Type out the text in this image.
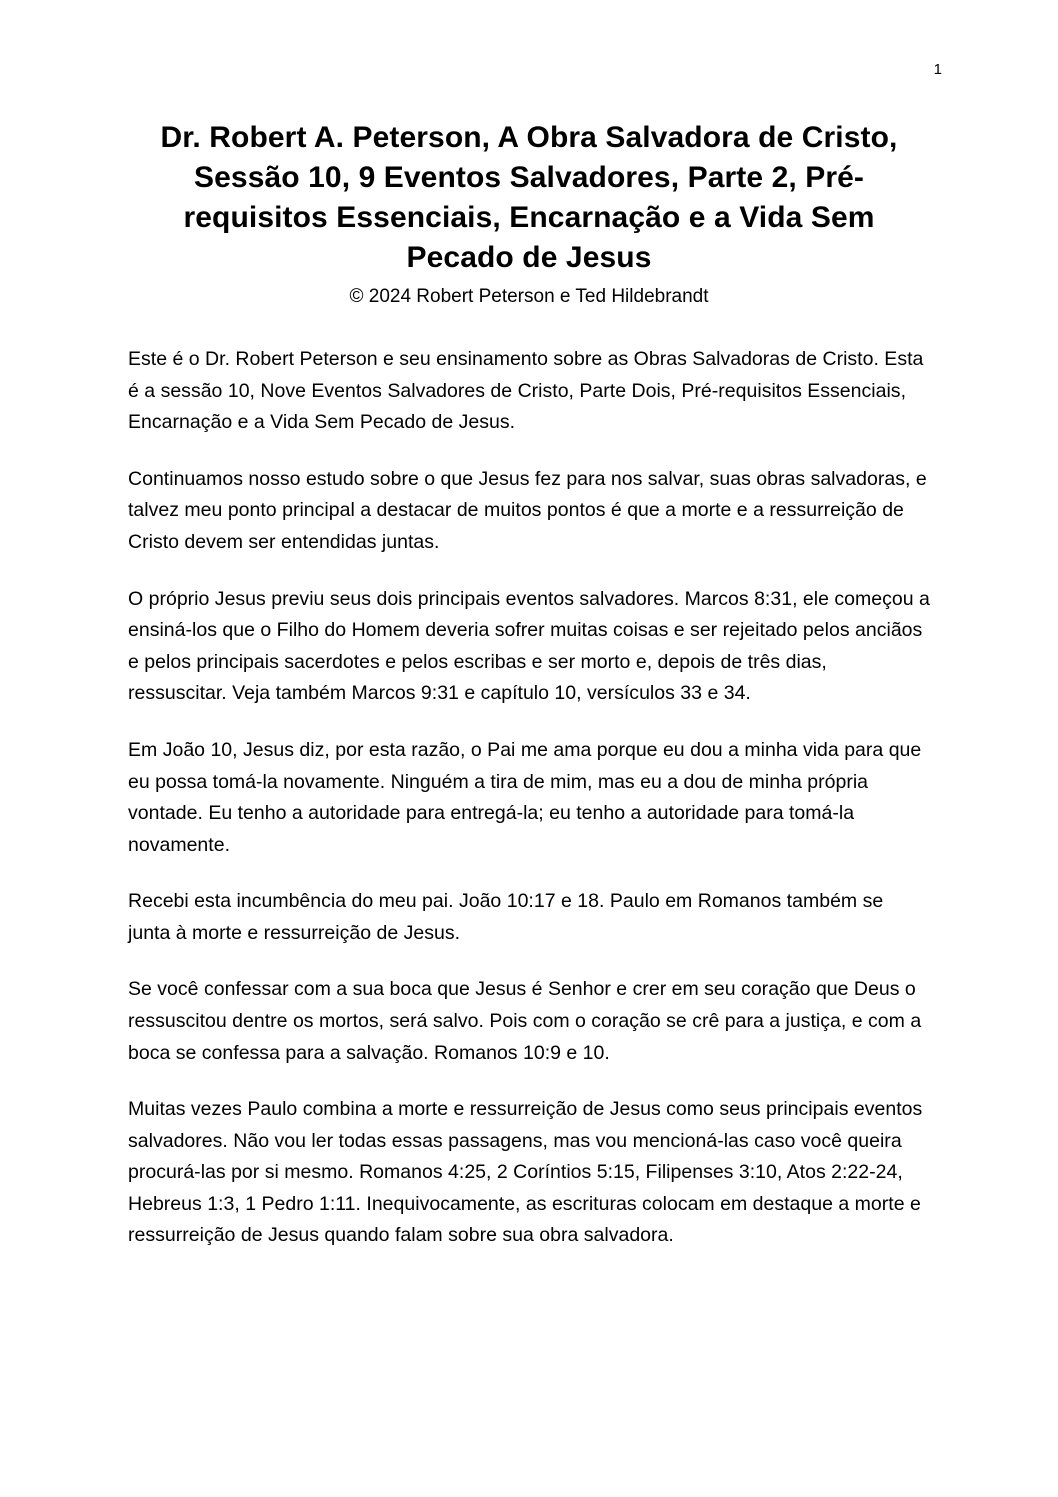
1
Dr. Robert A. Peterson, A Obra Salvadora de Cristo, Sessão 10, 9 Eventos Salvadores, Parte 2, Pré-requisitos Essenciais, Encarnação e a Vida Sem Pecado de Jesus
© 2024 Robert Peterson e Ted Hildebrandt

Este é o Dr. Robert Peterson e seu ensinamento sobre as Obras Salvadoras de Cristo. Esta é a sessão 10, Nove Eventos Salvadores de Cristo, Parte Dois, Pré-requisitos Essenciais, Encarnação e a Vida Sem Pecado de Jesus.

Continuamos nosso estudo sobre o que Jesus fez para nos salvar, suas obras salvadoras, e talvez meu ponto principal a destacar de muitos pontos é que a morte e a ressurreição de Cristo devem ser entendidas juntas.

O próprio Jesus previu seus dois principais eventos salvadores. Marcos 8:31, ele começou a ensiná-los que o Filho do Homem deveria sofrer muitas coisas e ser rejeitado pelos anciãos e pelos principais sacerdotes e pelos escribas e ser morto e, depois de três dias, ressuscitar. Veja também Marcos 9:31 e capítulo 10, versículos 33 e 34.

Em João 10, Jesus diz, por esta razão, o Pai me ama porque eu dou a minha vida para que eu possa tomá-la novamente. Ninguém a tira de mim, mas eu a dou de minha própria vontade. Eu tenho a autoridade para entregá-la; eu tenho a autoridade para tomá-la novamente.

Recebi esta incumbência do meu pai. João 10:17 e 18. Paulo em Romanos também se junta à morte e ressurreição de Jesus.

Se você confessar com a sua boca que Jesus é Senhor e crer em seu coração que Deus o ressuscitou dentre os mortos, será salvo. Pois com o coração se crê para a justiça, e com a boca se confessa para a salvação. Romanos 10:9 e 10.

Muitas vezes Paulo combina a morte e ressurreição de Jesus como seus principais eventos salvadores. Não vou ler todas essas passagens, mas vou mencioná-las caso você queira procurá-las por si mesmo. Romanos 4:25, 2 Coríntios 5:15, Filipenses 3:10, Atos 2:22-24, Hebreus 1:3, 1 Pedro 1:11. Inequivocamente, as escrituras colocam em destaque a morte e ressurreição de Jesus quando falam sobre sua obra salvadora.
